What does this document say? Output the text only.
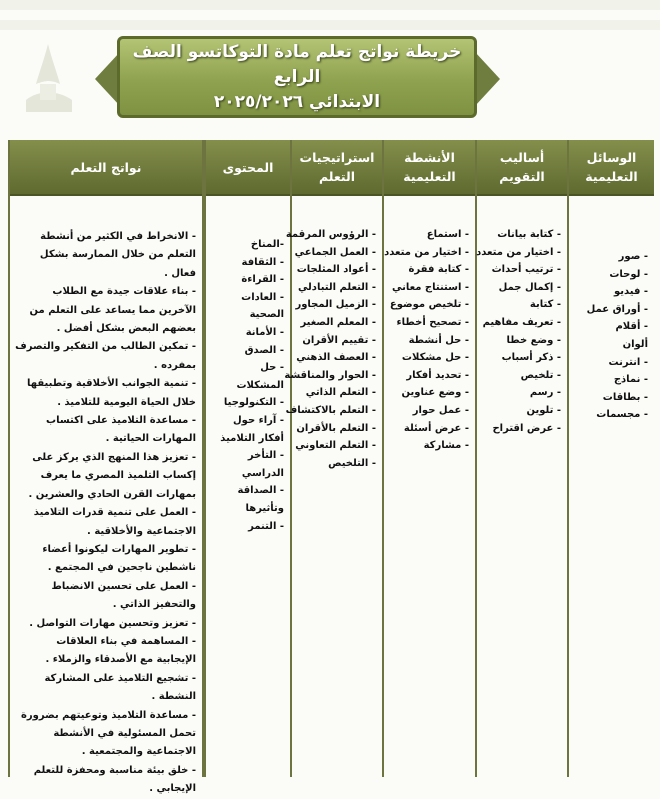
خريطة نواتج تعلم مادة التوكاتسو الصف الرابع
الابتدائي ٢٠٢٥/٢٠٢٦
نواتج التعلم

- الانخراط في الكثير من أنشطة التعلم من خلال الممارسة بشكل فعال .

- بناء علاقات جيدة مع الطلاب الآخرين مما يساعد على التعلم من بعضهم البعض بشكل أفضل .

- تمكين الطالب من التفكير والتصرف بمفرده .

- تنمية الجوانب الأخلاقية وتطبيقها خلال الحياة اليومية للتلاميذ .

- مساعدة التلاميذ على اكتساب المهارات الحياتية .

- تعزيز هذا المنهج الذي يركز على إكساب التلميذ المصري ما يعرف بمهارات القرن الحادي والعشرين .

- العمل على تنمية قدرات التلاميذ الاجتماعية والأخلاقية .

- تطوير المهارات ليكونوا أعضاء ناشطين ناجحين في المجتمع .

- العمل على تحسين الانضباط والتحفيز الذاتي .

- تعزيز وتحسين مهارات التواصل .

- المساهمة في بناء العلاقات الإيجابية مع الأصدقاء والزملاء .

- تشجيع التلاميذ على المشاركة النشطة .

- مساعدة التلاميذ وتوعيتهم بضرورة تحمل المسئولية في الأنشطة الاجتماعية والمجتمعية .

- خلق بيئة مناسبة ومحفزة للتعلم الإيجابي .

المحتوى
-المناخ
- الثقافة
- القراءة
- العادات الصحية
- الأمانة
- الصدق
- حل المشكلات
- التكنولوجيا
- آراء حول أفكار التلاميذ
- التأخر الدراسي
- الصداقة وتأثيرها
- التنمر
استراتيجيات التعلم
- الرؤوس المرقمة
- العمل الجماعي
- أعواد المثلجات
- التعلم التبادلي
- الزميل المجاور
- المعلم الصغير
- تقييم الأقران
- العصف الذهني
- الحوار والمناقشة
- التعلم الذاتي
- التعلم بالاكتشاف
- التعلم بالأقران
- التعلم التعاوني
- التلخيص
الأنشطة التعليمية
- استماع
- اختيار من متعدد
- كتابة فقرة
- استنتاج معاني
- تلخيص موضوع
- تصحيح أخطاء
- حل أنشطة
- حل مشكلات
- تحديد أفكار
- وضع عناوين
- عمل حوار
- عرض أسئلة
- مشاركة
أساليب التقويم
- كتابة بيانات
- اختيار من متعدد
- ترتيب أحداث
- إكمال جمل
- كتابة
- تعريف مفاهيم
- وضع خطا
- ذكر أسباب
- تلخيص
- رسم
- تلوين
- عرض اقتراح
الوسائل التعليمية
- صور
- لوحات
- فيديو
- أوراق عمل
- أقلام
ألوان
- انترنت
- نماذج
- بطاقات
- مجسمات
